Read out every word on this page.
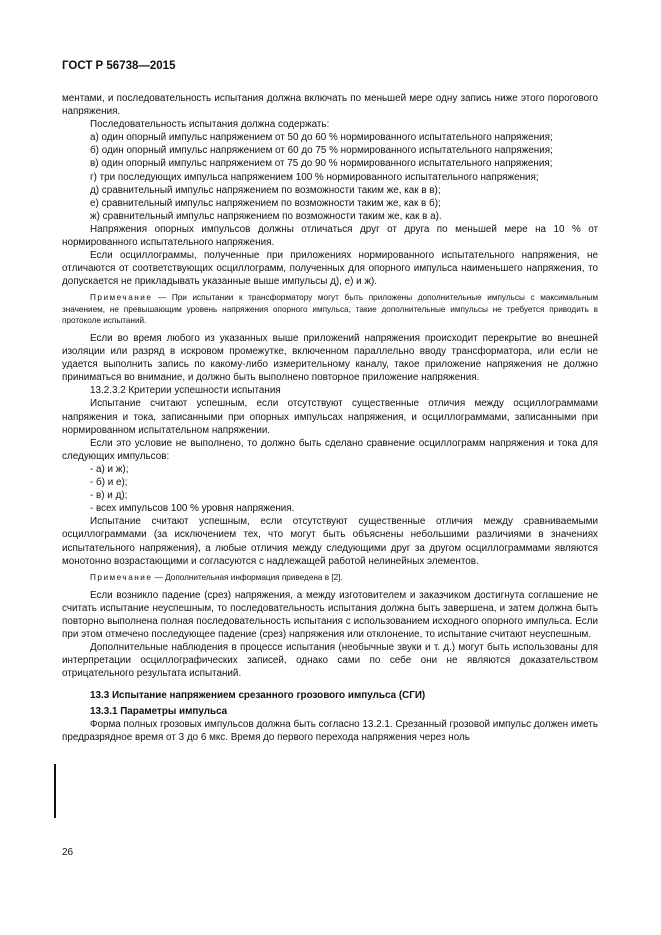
ГОСТ Р 56738—2015

ментами, и последовательность испытания должна включать по меньшей мере одну запись ниже этого порогового напряжения.

Последовательность испытания должна содержать:

а) один опорный импульс напряжением от 50 до 60 % нормированного испытательного напряжения;

б) один опорный импульс напряжением от 60 до 75 % нормированного испытательного напряжения;

в) один опорный импульс напряжением от 75 до 90 % нормированного испытательного напряжения;

г) три последующих импульса напряжением 100 % нормированного испытательного напряжения;

д) сравнительный импульс напряжением по возможности таким же, как в в);

е) сравнительный импульс напряжением по возможности таким же, как в б);

ж) сравнительный импульс напряжением по возможности таким же, как в а).

Напряжения опорных импульсов должны отличаться друг от друга по меньшей мере на 10 % от нормированного испытательного напряжения.

Если осциллограммы, полученные при приложениях нормированного испытательного напряжения, не отличаются от соответствующих осциллограмм, полученных для опорного импульса наименьшего напряжения, то допускается не прикладывать указанные выше импульсы д), е) и ж).

Примечание — При испытании к трансформатору могут быть приложены дополнительные импульсы с максимальным значением, не превышающим уровень напряжения опорного импульса, такие дополнительные импульсы не требуется приводить в протоколе испытаний.

Если во время любого из указанных выше приложений напряжения происходит перекрытие во внешней изоляции или разряд в искровом промежутке, включенном параллельно вводу трансформатора, или если не удается выполнить запись по какому-либо измерительному каналу, такое приложение напряжения не должно приниматься во внимание, и должно быть выполнено повторное приложение напряжения.

13.2.3.2 Критерии успешности испытания

Испытание считают успешным, если отсутствуют существенные отличия между осциллограммами напряжения и тока, записанными при опорных импульсах напряжения, и осциллограммами, записанными при нормированном испытательном напряжении.

Если это условие не выполнено, то должно быть сделано сравнение осциллограмм напряжения и тока для следующих импульсов:

- а) и ж);

- б) и е);

- в) и д);

- всех импульсов 100 % уровня напряжения.

Испытание считают успешным, если отсутствуют существенные отличия между сравниваемыми осциллограммами (за исключением тех, что могут быть объяснены небольшими различиями в значениях испытательного напряжения), а любые отличия между следующими друг за другом осциллограммами являются монотонно возрастающими и согласуются с надлежащей работой нелинейных элементов.

Примечание — Дополнительная информация приведена в [2].

Если возникло падение (срез) напряжения, а между изготовителем и заказчиком достигнута соглашение не считать испытание неуспешным, то последовательность испытания должна быть завершена, и затем должна быть повторно выполнена полная последовательность испытания с использованием исходного опорного импульса. Если при этом отмечено последующее падение (срез) напряжения или отклонение, то испытание считают неуспешным.

Дополнительные наблюдения в процессе испытания (необычные звуки и т. д.) могут быть использованы для интерпретации осциллографических записей, однако сами по себе они не являются доказательством отрицательного результата испытаний.

13.3 Испытание напряжением срезанного грозового импульса (СГИ)

13.3.1 Параметры импульса

Форма полных грозовых импульсов должна быть согласно 13.2.1. Срезанный грозовой импульс должен иметь предразрядное время от 3 до 6 мкс. Время до первого перехода напряжения через ноль

26
